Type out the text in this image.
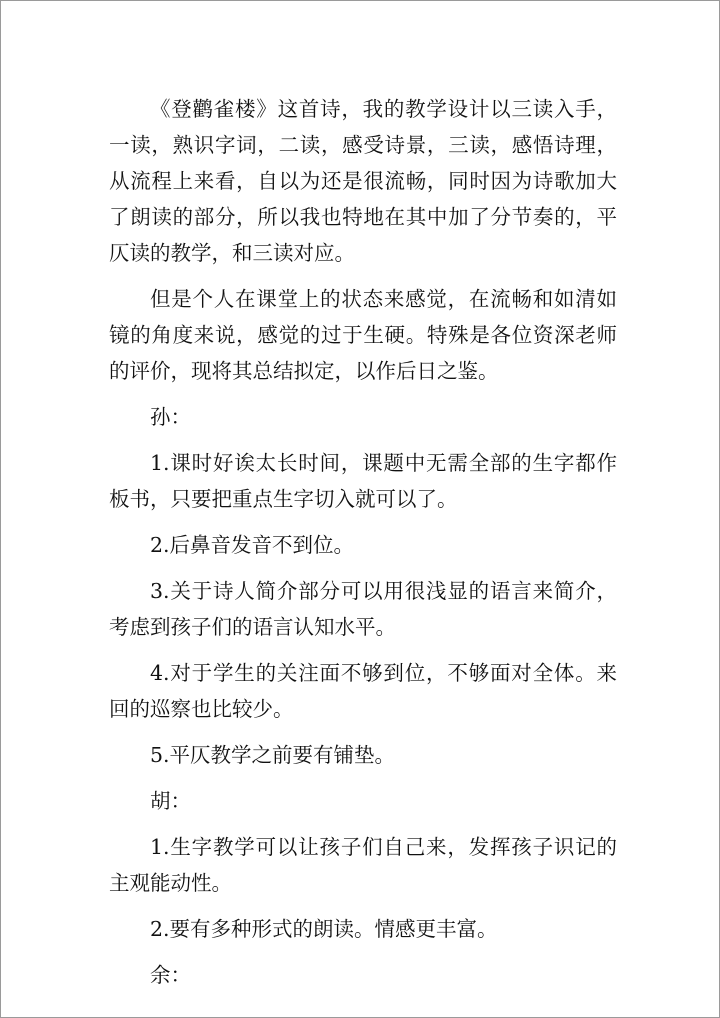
《登鹳雀楼》这首诗，我的教学设计以三读入手，一读，熟识字词，二读，感受诗景，三读，感悟诗理，从流程上来看，自以为还是很流畅，同时因为诗歌加大了朗读的部分，所以我也特地在其中加了分节奏的，平仄读的教学，和三读对应。

但是个人在课堂上的状态来感觉，在流畅和如清如镜的角度来说，感觉的过于生硬。特殊是各位资深老师的评价，现将其总结拟定，以作后日之鉴。

孙：

1.课时好诶太长时间，课题中无需全部的生字都作板书，只要把重点生字切入就可以了。

2.后鼻音发音不到位。

3.关于诗人简介部分可以用很浅显的语言来简介，考虑到孩子们的语言认知水平。

4.对于学生的关注面不够到位，不够面对全体。来回的巡察也比较少。

5.平仄教学之前要有铺垫。

胡：

1.生字教学可以让孩子们自己来，发挥孩子识记的主观能动性。

2.要有多种形式的朗读。情感更丰富。

余：
